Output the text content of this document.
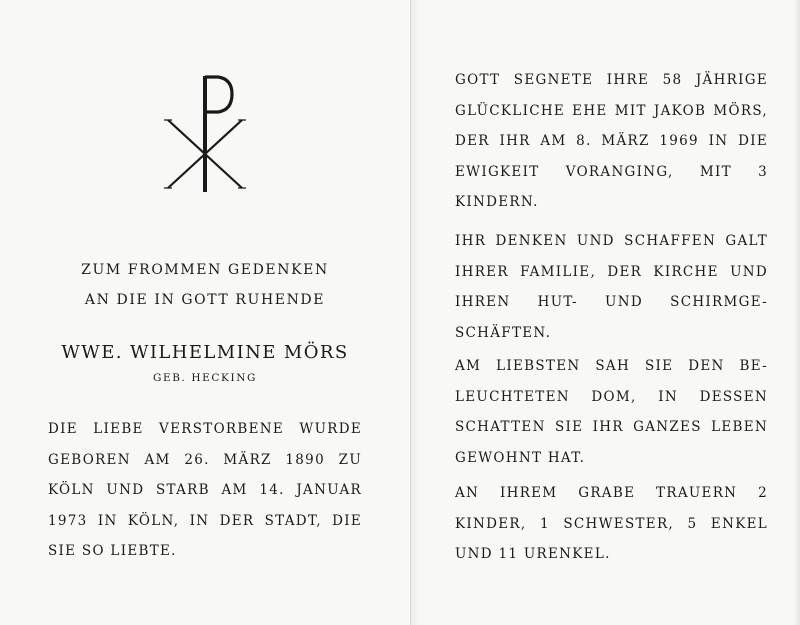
ZUM FROMMEN GEDENKEN
AN DIE IN GOTT RUHENDE
WWE. WILHELMINE MÖRS
GEB. HECKING
DIE LIEBE VERSTORBENE WURDE
GEBOREN AM 26. MÄRZ 1890 ZU
KÖLN UND STARB AM 14. JANUAR
1973 IN KÖLN, IN DER STADT, DIE
SIE SO LIEBTE.
GOTT SEGNETE IHRE 58 JÄHRIGE
GLÜCKLICHE EHE MIT JAKOB MÖRS,
DER IHR AM 8. MÄRZ 1969 IN DIE
EWIGKEIT VORANGING, MIT 3
KINDERN.
IHR DENKEN UND SCHAFFEN GALT
IHRER FAMILIE, DER KIRCHE UND
IHREN HUT- UND SCHIRMGE-
SCHÄFTEN.
AM LIEBSTEN SAH SIE DEN BE-
LEUCHTETEN DOM, IN DESSEN
SCHATTEN SIE IHR GANZES LEBEN
GEWOHNT HAT.
AN IHREM GRABE TRAUERN 2
KINDER, 1 SCHWESTER, 5 ENKEL
UND 11 URENKEL.
